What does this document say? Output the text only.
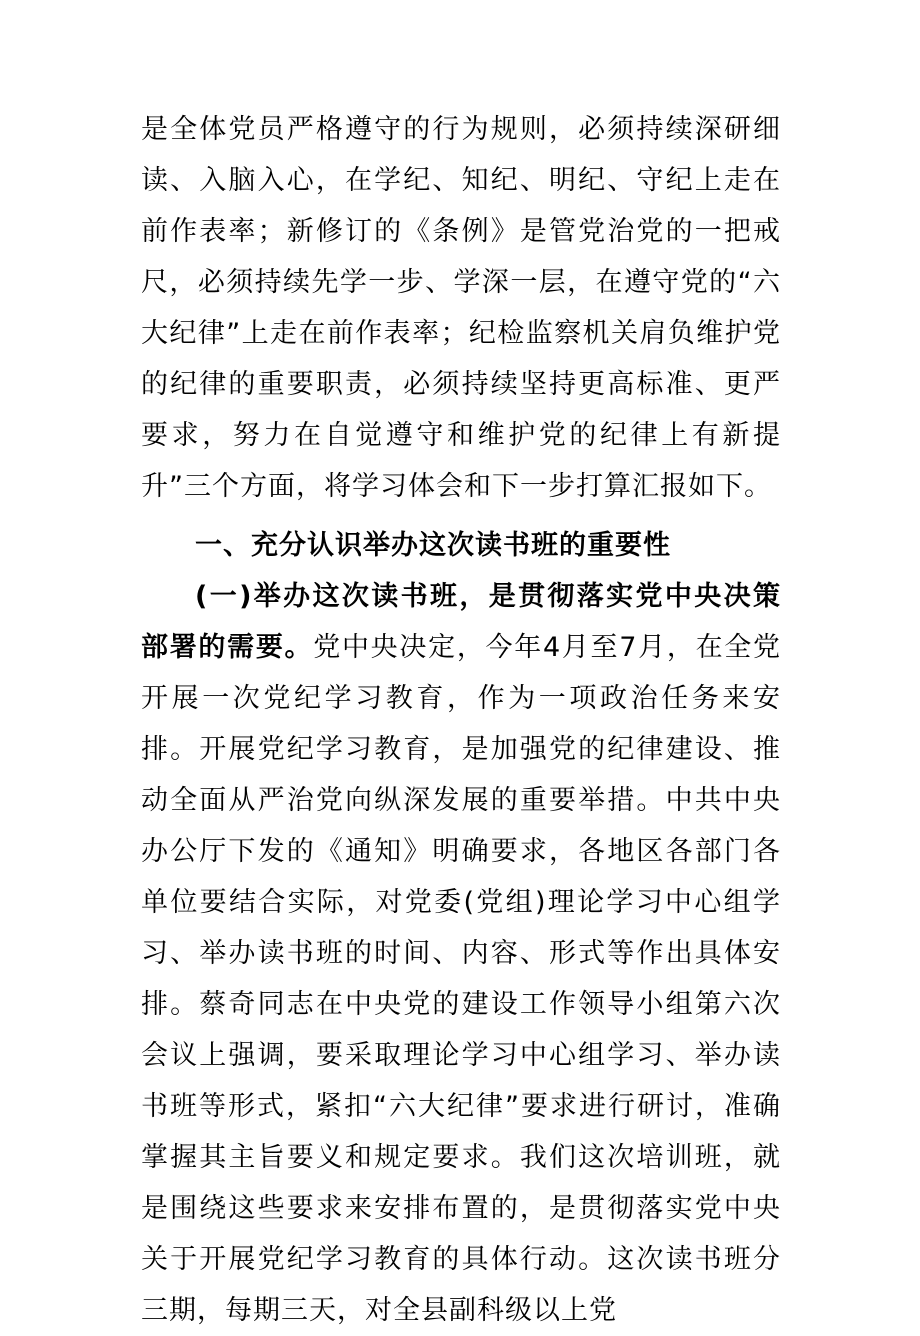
是全体党员严格遵守的行为规则，必须持续深研细读、入脑入心，在学纪、知纪、明纪、守纪上走在前作表率；新修订的《条例》是管党治党的一把戒尺，必须持续先学一步、学深一层，在遵守党的“六大纪律”上走在前作表率；纪检监察机关肩负维护党的纪律的重要职责，必须持续坚持更高标准、更严要求，努力在自觉遵守和维护党的纪律上有新提升”三个方面，将学习体会和下一步打算汇报如下。

一、充分认识举办这次读书班的重要性

(一)举办这次读书班，是贯彻落实党中央决策部署的需要。党中央决定，今年4月至7月，在全党开展一次党纪学习教育，作为一项政治任务来安排。开展党纪学习教育，是加强党的纪律建设、推动全面从严治党向纵深发展的重要举措。中共中央办公厅下发的《通知》明确要求，各地区各部门各单位要结合实际，对党委(党组)理论学习中心组学习、举办读书班的时间、内容、形式等作出具体安排。蔡奇同志在中央党的建设工作领导小组第六次会议上强调，要采取理论学习中心组学习、举办读书班等形式，紧扣“六大纪律”要求进行研讨，准确掌握其主旨要义和规定要求。我们这次培训班，就是围绕这些要求来安排布置的，是贯彻落实党中央关于开展党纪学习教育的具体行动。这次读书班分三期，每期三天，对全县副科级以上党
